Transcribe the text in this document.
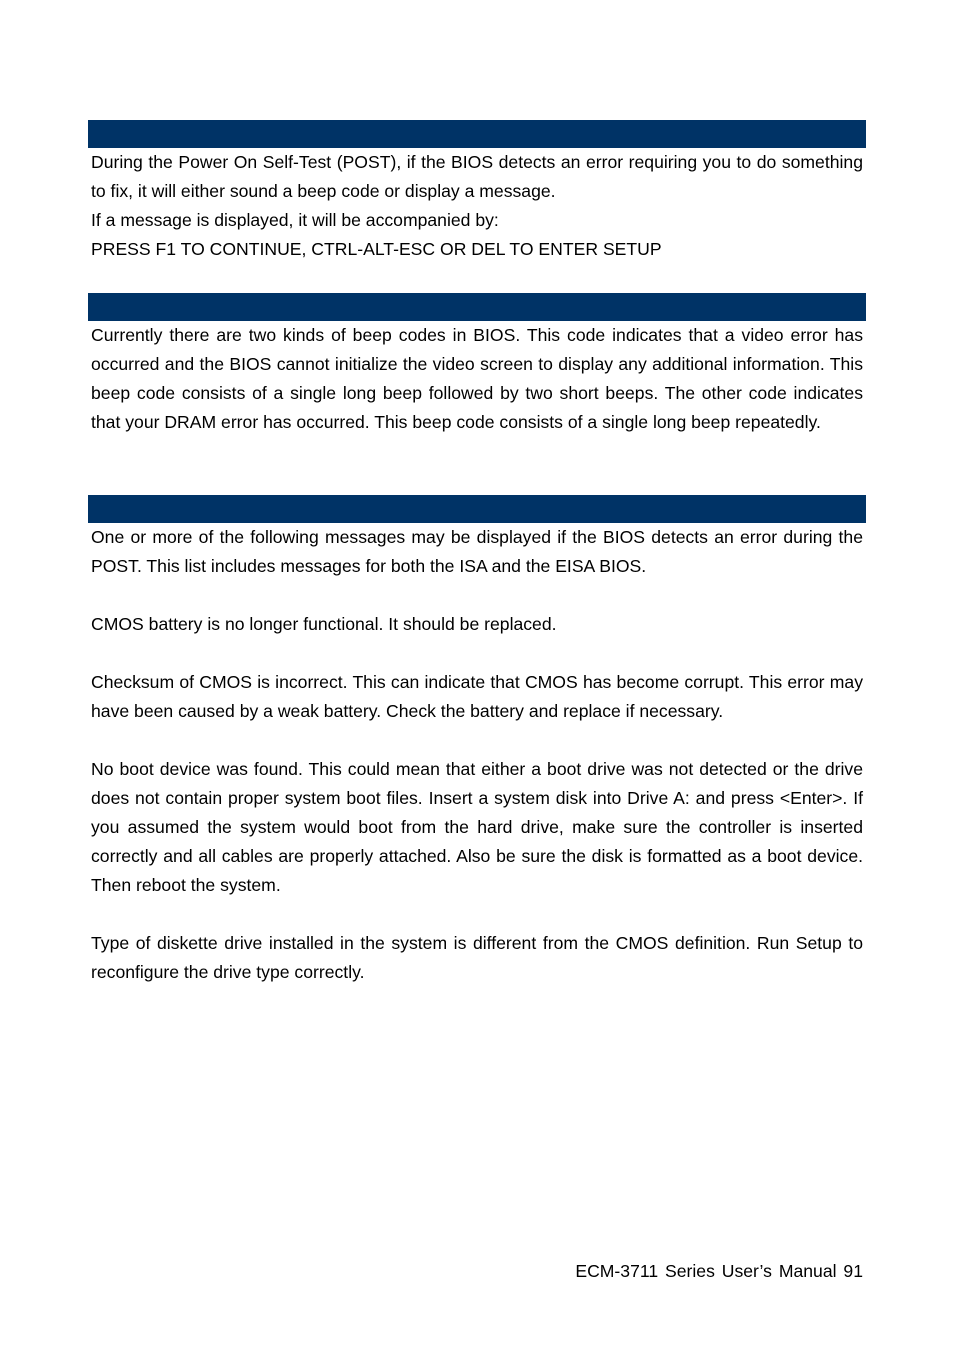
During the Power On Self-Test (POST), if the BIOS detects an error requiring you to do something to fix, it will either sound a beep code or display a message.

If a message is displayed, it will be accompanied by:

PRESS F1 TO CONTINUE, CTRL-ALT-ESC OR DEL TO ENTER SETUP

Currently there are two kinds of beep codes in BIOS. This code indicates that a video error has occurred and the BIOS cannot initialize the video screen to display any additional information. This beep code consists of a single long beep followed by two short beeps. The other code indicates that your DRAM error has occurred. This beep code consists of a single long beep repeatedly.

One or more of the following messages may be displayed if the BIOS detects an error during the POST. This list includes messages for both the ISA and the EISA BIOS.

CMOS battery is no longer functional. It should be replaced.

Checksum of CMOS is incorrect. This can indicate that CMOS has become corrupt. This error may have been caused by a weak battery. Check the battery and replace if necessary.

No boot device was found. This could mean that either a boot drive was not detected or the drive does not contain proper system boot files. Insert a system disk into Drive A: and press <Enter>. If you assumed the system would boot from the hard drive, make sure the controller is inserted correctly and all cables are properly attached. Also be sure the disk is formatted as a boot device. Then reboot the system.

Type of diskette drive installed in the system is different from the CMOS definition. Run Setup to reconfigure the drive type correctly.

ECM-3711 Series User’s Manual 91
